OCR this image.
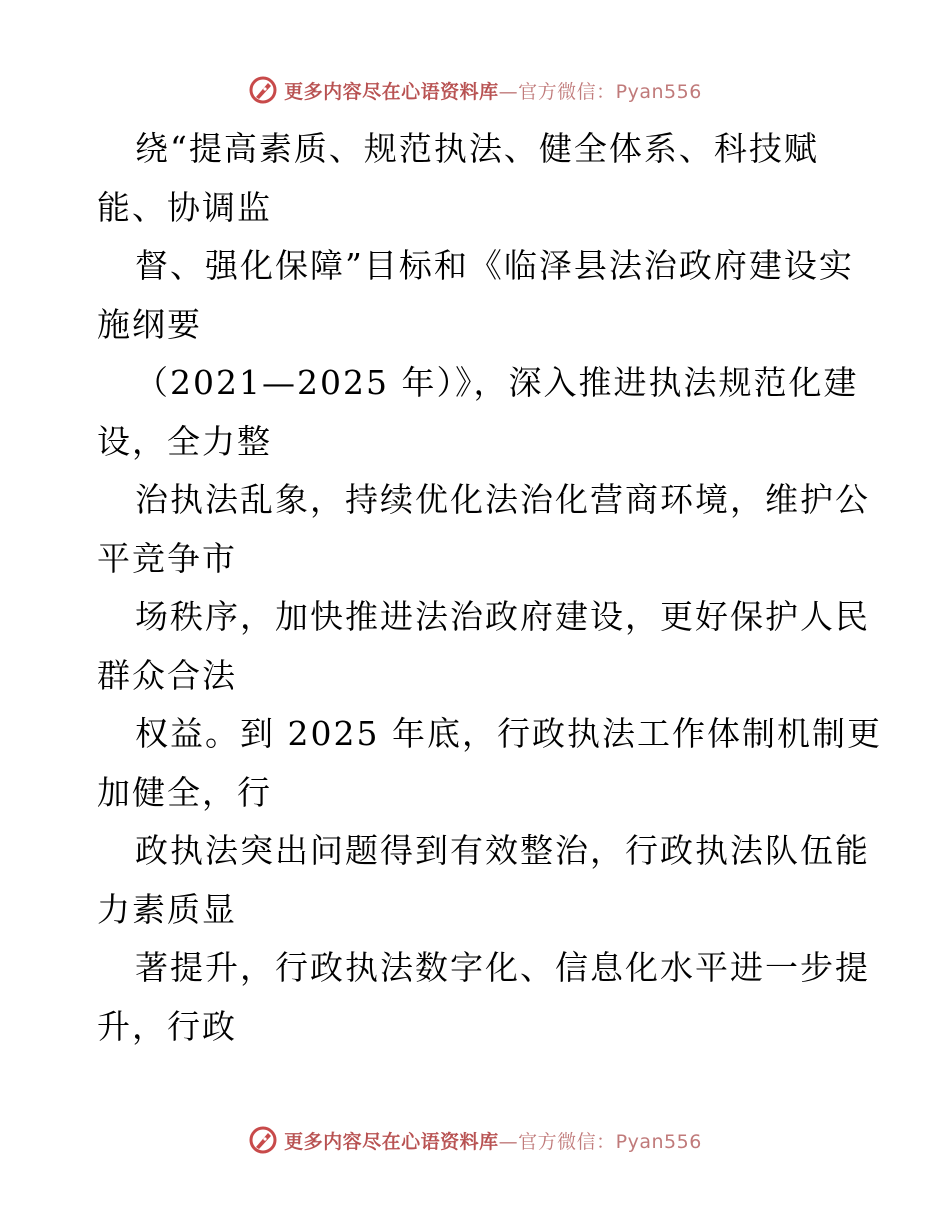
更多内容尽在心语资料库—官方微信：Pyan556
绕“提高素质、规范执法、健全体系、科技赋
能、协调监
督、强化保障”目标和《临泽县法治政府建设实
施纲要
（2021—2025 年）》，深入推进执法规范化建
设，全力整
治执法乱象，持续优化法治化营商环境，维护公
平竞争市
场秩序，加快推进法治政府建设，更好保护人民
群众合法
权益。到 2025 年底，行政执法工作体制机制更
加健全，行
政执法突出问题得到有效整治，行政执法队伍能
力素质显
著提升，行政执法数字化、信息化水平进一步提
升，行政
更多内容尽在心语资料库—官方微信：Pyan556
